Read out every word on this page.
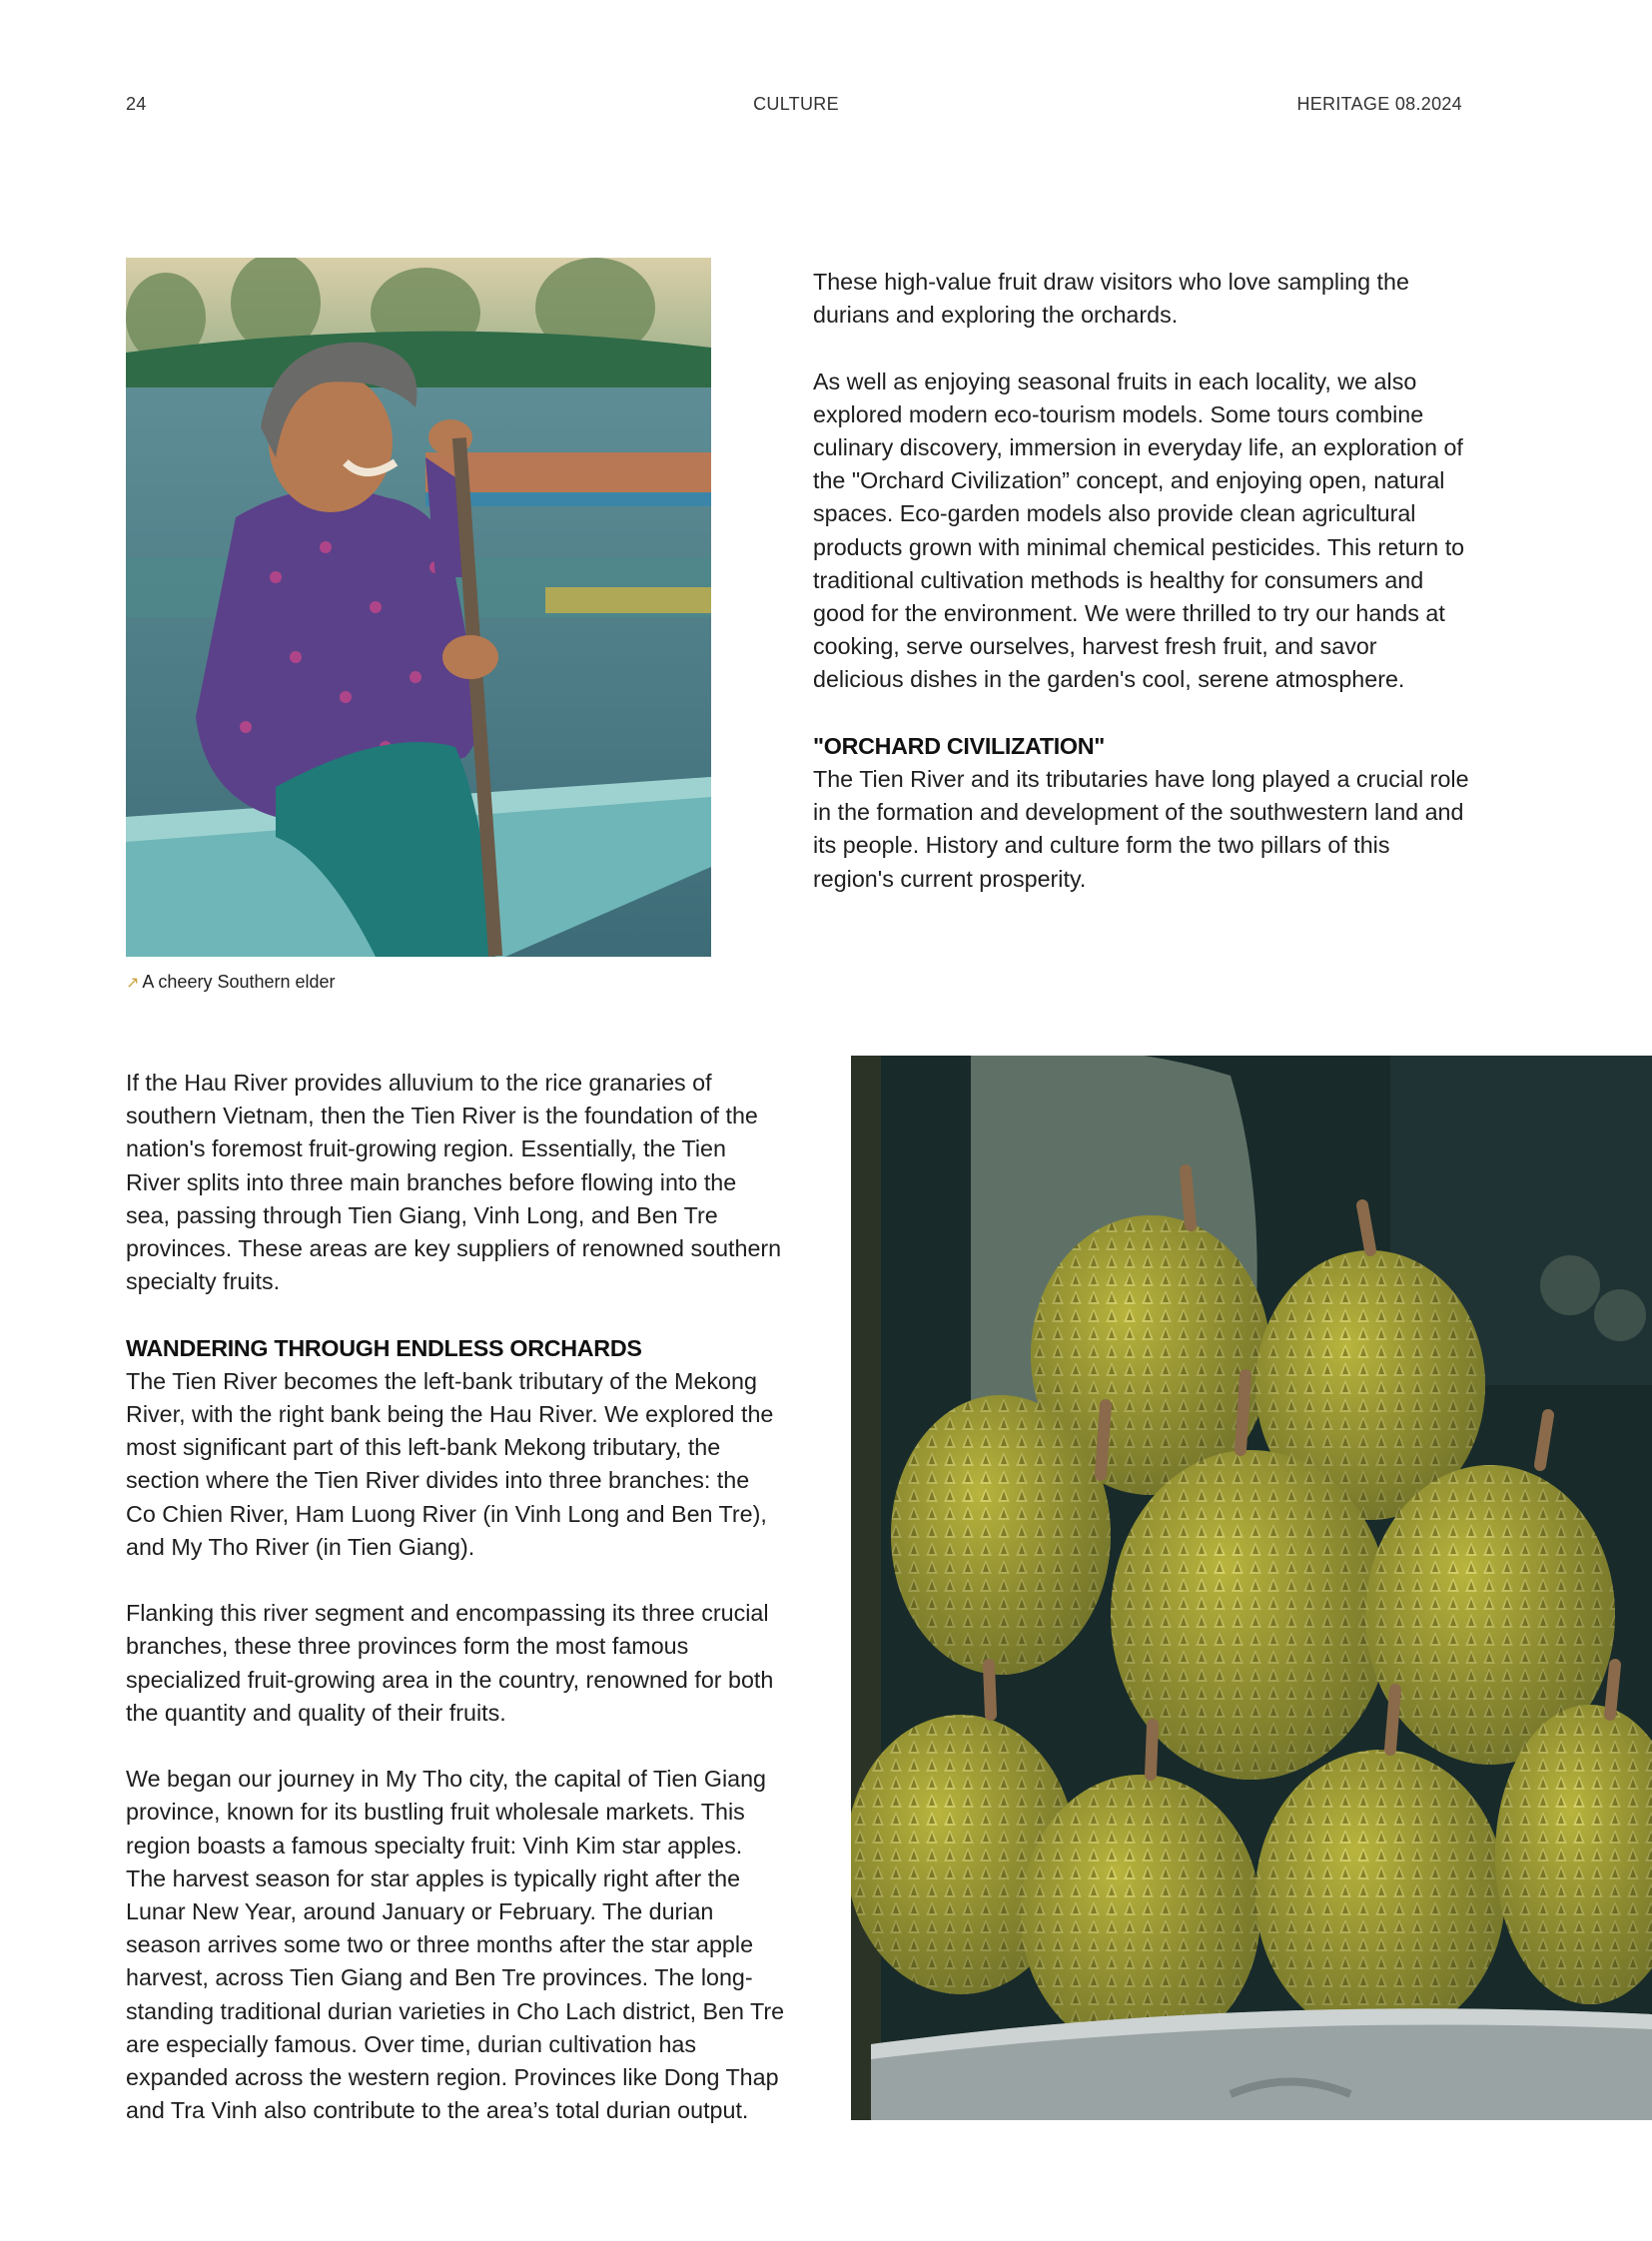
24	CULTURE	HERITAGE 08.2024
↗ A cheery Southern elder

These high-value fruit draw visitors who love sampling the durians and exploring the orchards.

As well as enjoying seasonal fruits in each locality, we also explored modern eco-tourism models. Some tours combine culinary discovery, immersion in everyday life, an exploration of the "Orchard Civilization” concept, and enjoying open, natural spaces. Eco-garden models also provide clean agricultural products grown with minimal chemical pesticides. This return to traditional cultivation methods is healthy for consumers and good for the environment. We were thrilled to try our hands at cooking, serve ourselves, harvest fresh fruit, and savor delicious dishes in the garden's cool, serene atmosphere.

"ORCHARD CIVILIZATION"

The Tien River and its tributaries have long played a crucial role in the formation and development of the southwestern land and its people. History and culture form the two pillars of this region's current prosperity.

If the Hau River provides alluvium to the rice granaries of southern Vietnam, then the Tien River is the foundation of the nation's foremost fruit-growing region. Essentially, the Tien River splits into three main branches before flowing into the sea, passing through Tien Giang, Vinh Long, and Ben Tre provinces. These areas are key suppliers of renowned southern specialty fruits.

WANDERING THROUGH ENDLESS ORCHARDS

The Tien River becomes the left-bank tributary of the Mekong River, with the right bank being the Hau River. We explored the most significant part of this left-bank Mekong tributary, the section where the Tien River divides into three branches: the Co Chien River, Ham Luong River (in Vinh Long and Ben Tre), and My Tho River (in Tien Giang).

Flanking this river segment and encompassing its three crucial branches, these three provinces form the most famous specialized fruit-growing area in the country, renowned for both the quantity and quality of their fruits.

We began our journey in My Tho city, the capital of Tien Giang province, known for its bustling fruit wholesale markets. This region boasts a famous specialty fruit: Vinh Kim star apples. The harvest season for star apples is typically right after the Lunar New Year, around January or February. The durian season arrives some two or three months after the star apple harvest, across Tien Giang and Ben Tre provinces. The long-standing traditional durian varieties in Cho Lach district, Ben Tre are especially famous. Over time, durian cultivation has expanded across the western region. Provinces like Dong Thap and Tra Vinh also contribute to the area’s total durian output.
